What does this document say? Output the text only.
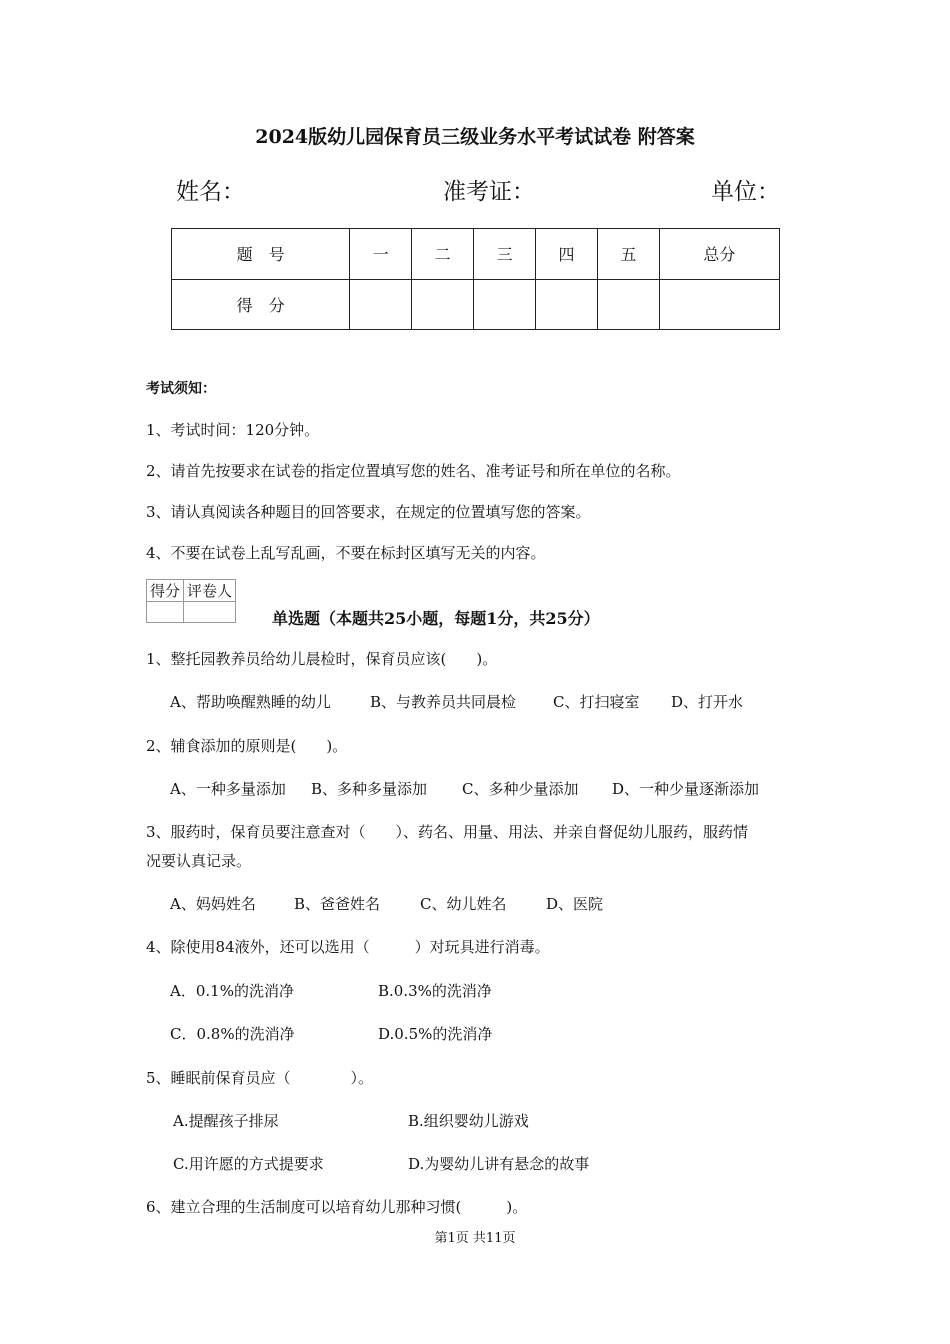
2024版幼儿园保育员三级业务水平考试试卷 附答案
姓名：	准考证：	单位：
题　号	一	二	三	四	五	总分
得　分						
考试须知：
1、考试时间：120分钟。
2、请首先按要求在试卷的指定位置填写您的姓名、准考证号和所在单位的名称。
3、请认真阅读各种题目的回答要求，在规定的位置填写您的答案。
4、不要在试卷上乱写乱画，不要在标封区填写无关的内容。
得分	评卷人

单选题（本题共25小题，每题1分，共25分）
1、整托园教养员给幼儿晨检时，保育员应该(　　)。
A、帮助唤醒熟睡的幼儿	B、与教养员共同晨检 C、打扫寝室 D、打开水
2、辅食添加的原则是(　　)。
A、一种多量添加 B、多种多量添加 C、多种少量添加 D、一种少量逐渐添加
3、服药时，保育员要注意查对（　　）、药名、用量、用法、并亲自督促幼儿服药，服药情
况要认真记录。
A、妈妈姓名	B、爸爸姓名	C、幼儿姓名	D、医院
4、除使用84液外，还可以选用（　　　）对玩具进行消毒。
A．0.1%的洗消净	B.0.3%的洗消净
C．0.8%的洗消净	D.0.5%的洗消净
5、睡眠前保育员应（　　　　）。
A.提醒孩子排尿	B.组织婴幼儿游戏
C.用许愿的方式提要求	D.为婴幼儿讲有悬念的故事
6、建立合理的生活制度可以培育幼儿那种习惯(　　　)。
第1页 共11页
